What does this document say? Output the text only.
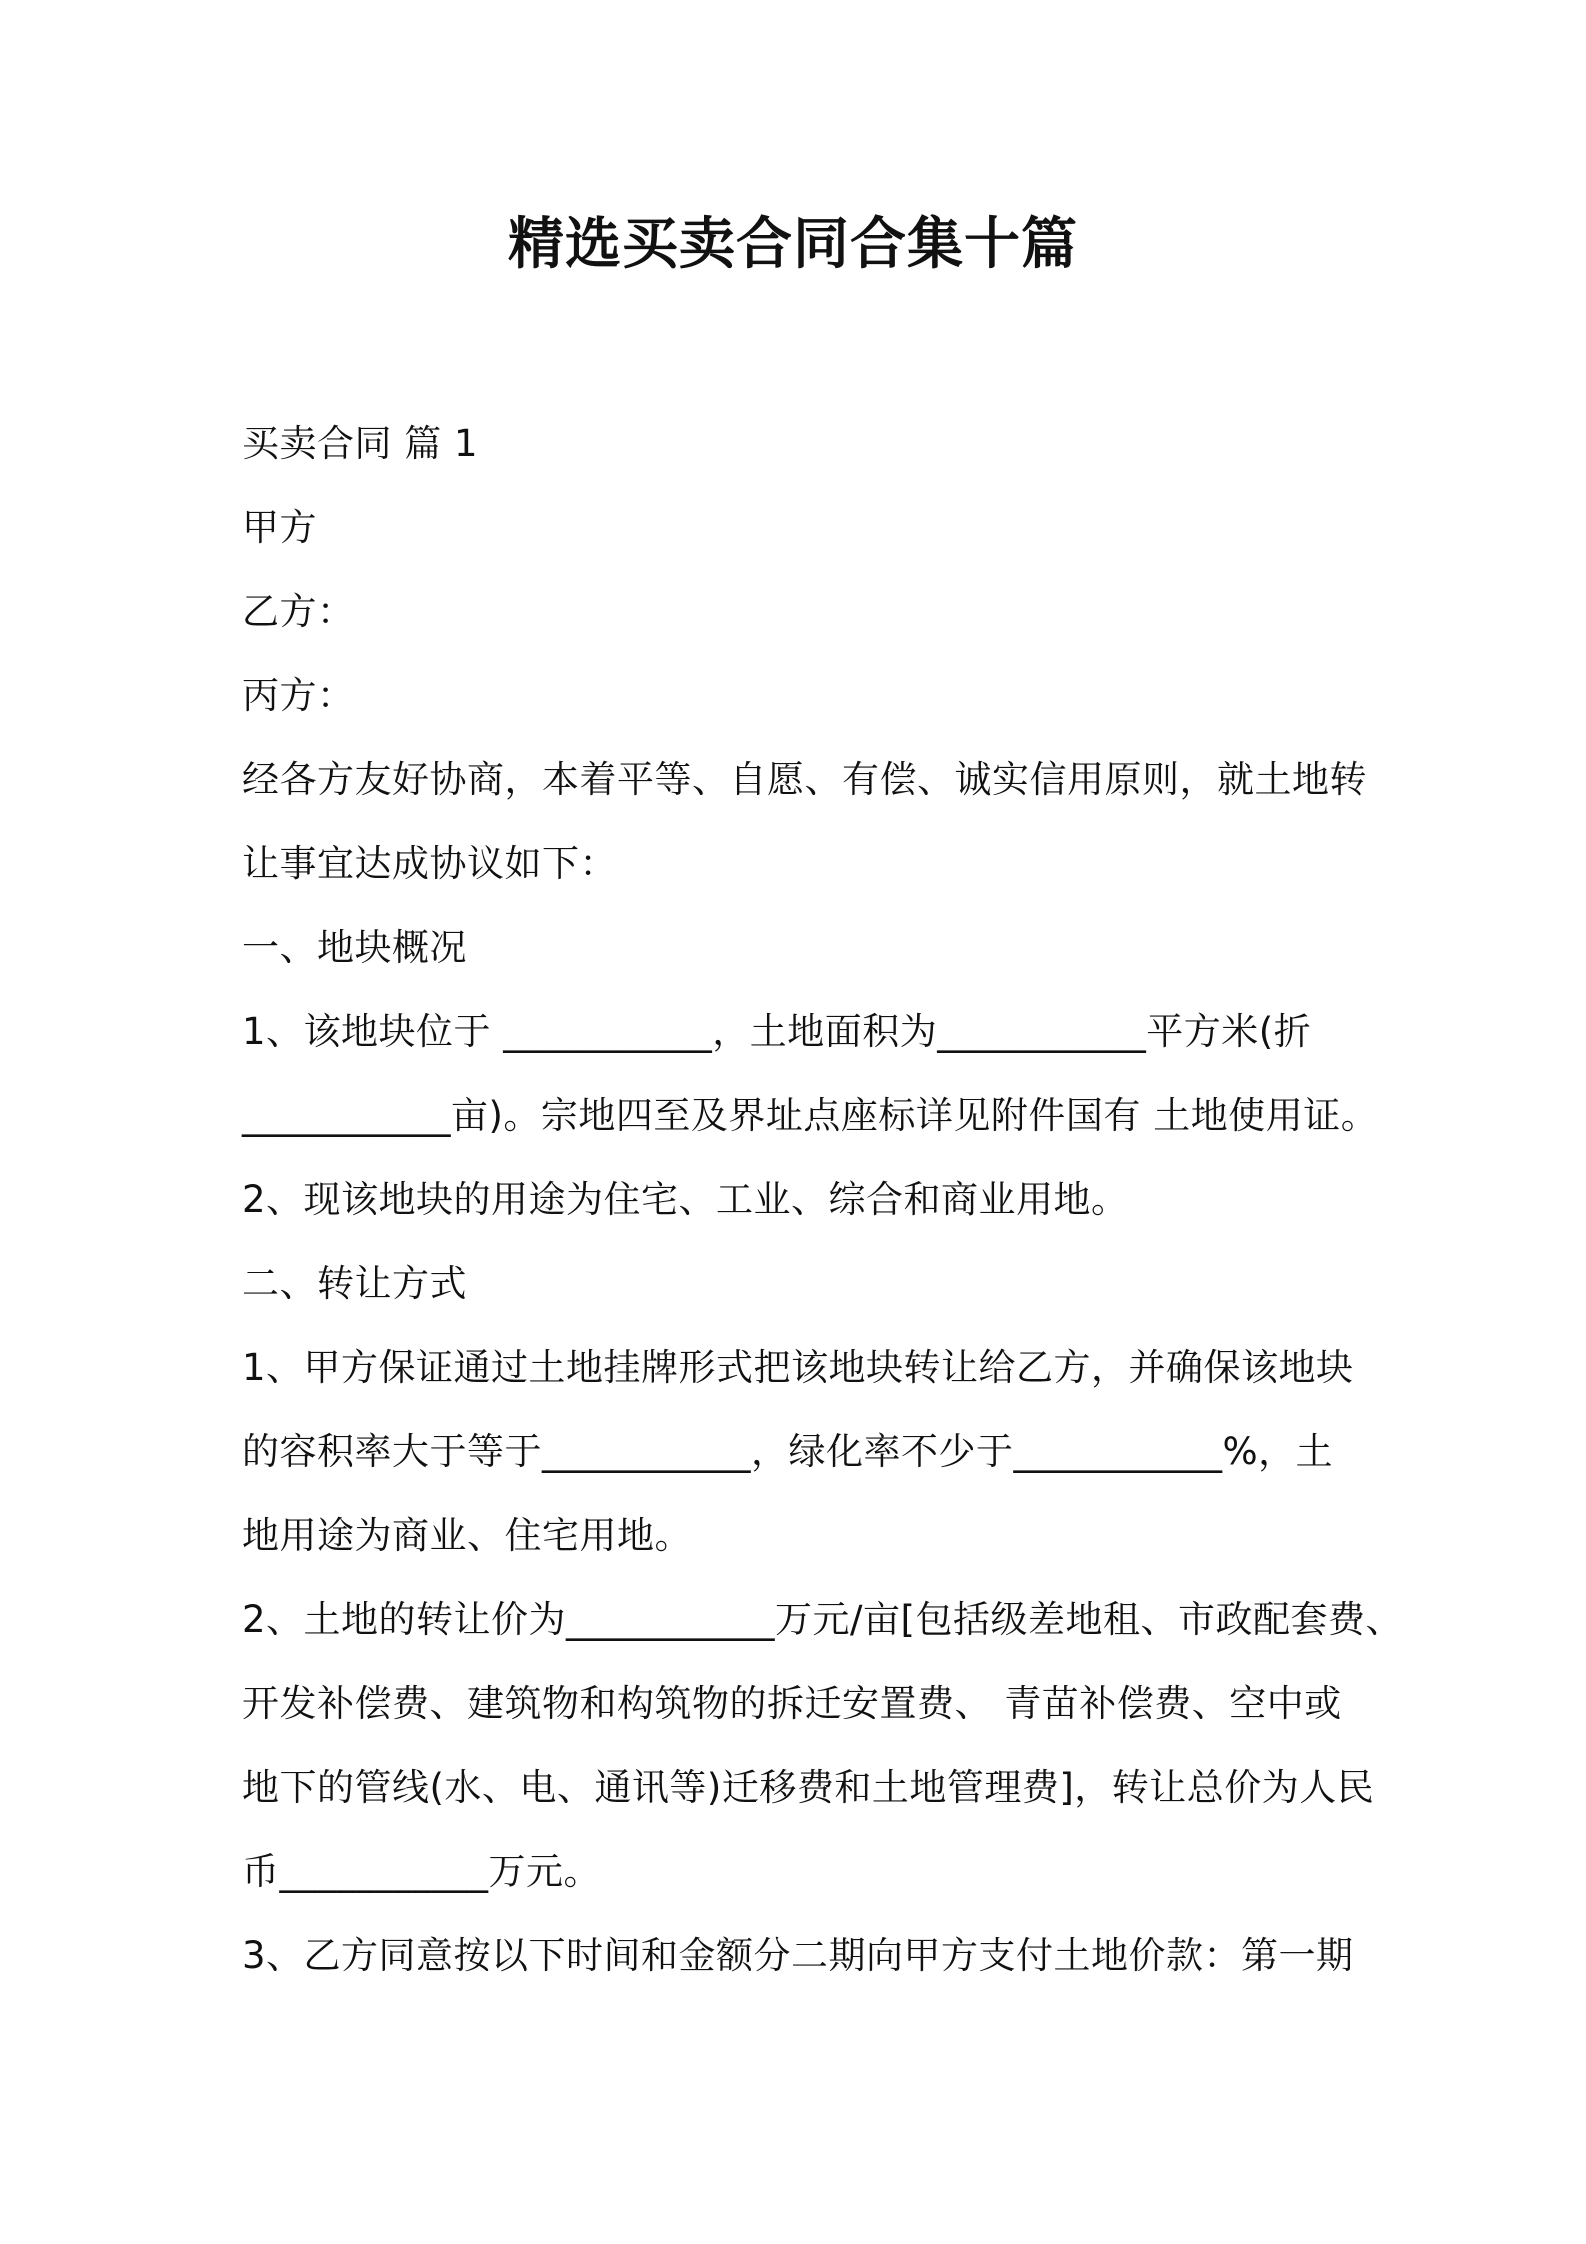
精选买卖合同合集十篇
买卖合同 篇 1
甲方
乙方：
丙方：
经各方友好协商，本着平等、自愿、有偿、诚实信用原则，就土地转
让事宜达成协议如下：
一、地块概况
1、该地块位于 ___________，土地面积为___________平方米(折
___________亩)。宗地四至及界址点座标详见附件国有 土地使用证。
2、现该地块的用途为住宅、工业、综合和商业用地。
二、转让方式
1、甲方保证通过土地挂牌形式把该地块转让给乙方，并确保该地块
的容积率大于等于___________，绿化率不少于___________%，土
地用途为商业、住宅用地。
2、土地的转让价为___________万元/亩[包括级差地租、市政配套费、
开发补偿费、建筑物和构筑物的拆迁安置费、 青苗补偿费、空中或
地下的管线(水、电、通讯等)迁移费和土地管理费]，转让总价为人民
币___________万元。
3、乙方同意按以下时间和金额分二期向甲方支付土地价款：第一期
